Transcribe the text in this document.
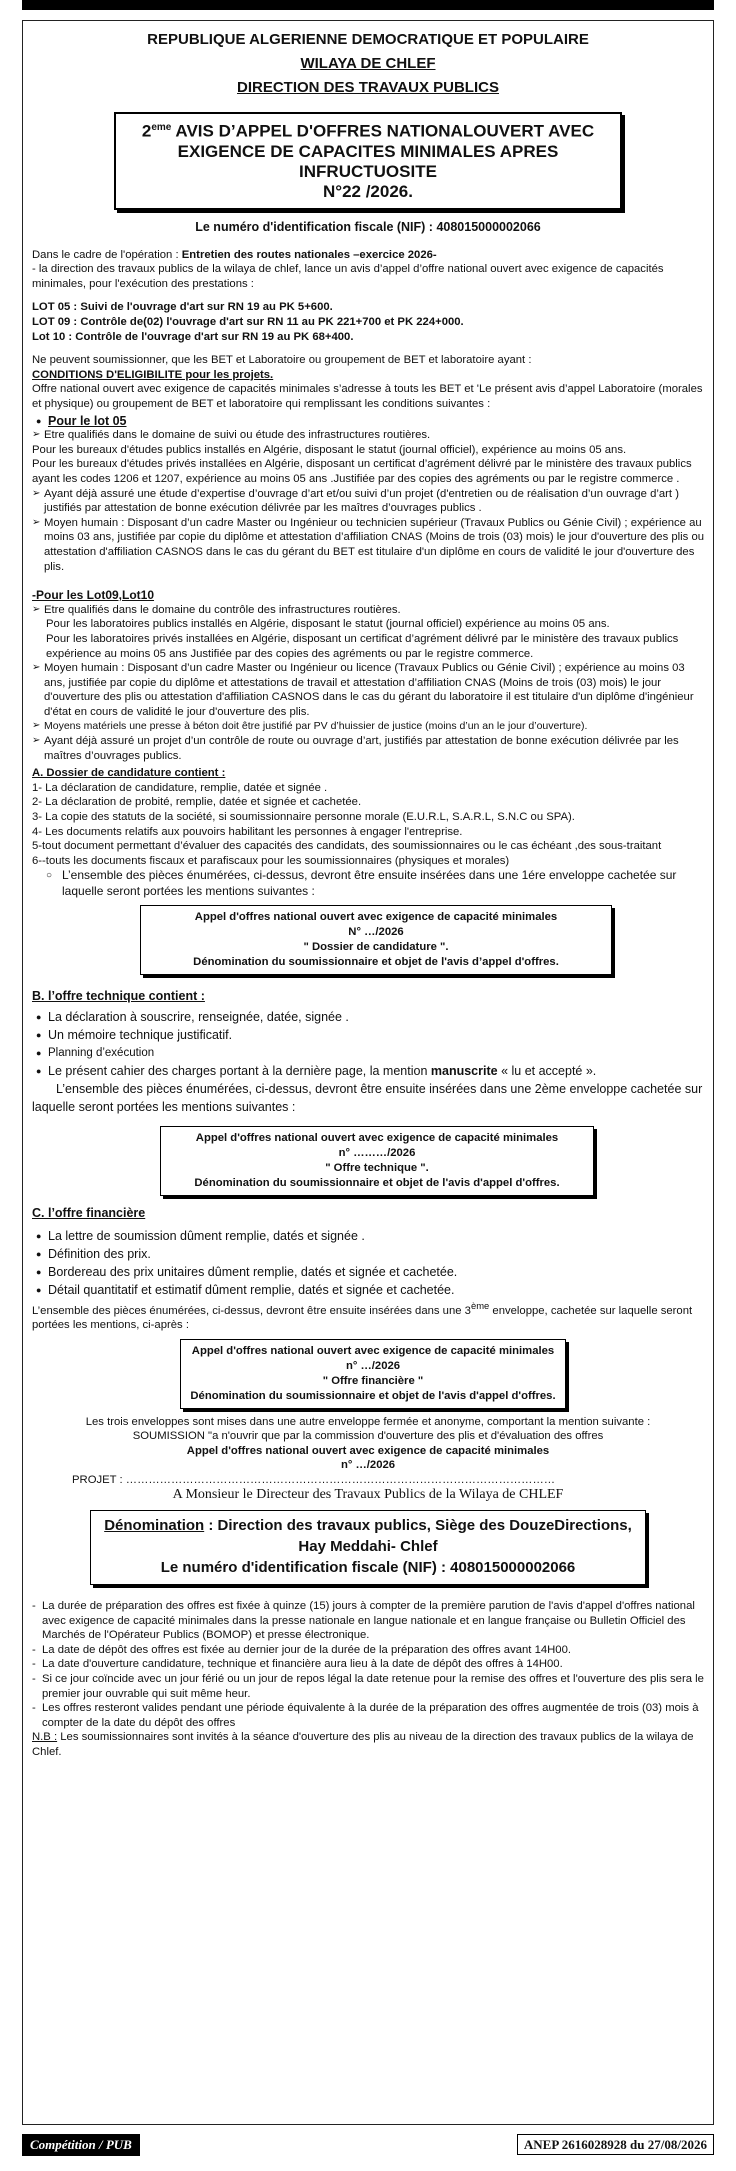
REPUBLIQUE ALGERIENNE DEMOCRATIQUE ET POPULAIRE
WILAYA DE CHLEF
DIRECTION DES TRAVAUX PUBLICS
2eme AVIS D’APPEL D'OFFRES NATIONALOUVERT AVEC
EXIGENCE DE CAPACITES MINIMALES APRES INFRUCTUOSITE
N°22 /2026.
Le numéro d'identification fiscale (NIF) : 408015000002066

Dans le cadre de l'opération : Entretien des routes nationales –exercice 2026-

- la direction des travaux publics de la wilaya de chlef, lance un avis d’appel d’offre national ouvert avec exigence de capacités minimales, pour l'exécution des prestations :

LOT 05 : Suivi de l'ouvrage d'art sur RN 19 au PK 5+600.

LOT 09 : Contrôle de(02) l'ouvrage d'art sur RN 11 au PK 221+700 et PK 224+000.

Lot 10 : Contrôle de l'ouvrage d'art sur RN 19 au PK 68+400.

Ne peuvent soumissionner, que les BET et Laboratoire ou groupement de BET et laboratoire ayant :

CONDITIONS D'ELIGIBILITE pour les projets.

Offre national ouvert avec exigence de capacités minimales s’adresse à touts les BET et 'Le présent avis d’appel Laboratoire (morales et physique) ou groupement de BET et laboratoire qui remplissant les conditions suivantes :

● Pour le lot 05

➢ Etre qualifiés dans le domaine de suivi ou étude des infrastructures routières.

Pour les bureaux d'études publics installés en Algérie, disposant le statut (journal officiel), expérience au moins 05 ans.

Pour les bureaux d'études privés installées en Algérie, disposant un certificat d’agrément délivré par le ministère des travaux publics ayant les codes 1206 et 1207, expérience au moins 05 ans .Justifiée par des copies des agréments ou par le registre commerce .

➢ Ayant déjà assuré une étude d’expertise d’ouvrage d’art et/ou suivi d’un projet (d'entretien ou de réalisation d’un ouvrage d’art ) justifiés par attestation de bonne exécution délivrée par les maîtres d’ouvrages publics .

➢ Moyen humain : Disposant d’un cadre Master ou Ingénieur ou technicien supérieur (Travaux Publics ou Génie Civil) ; expérience au moins 03 ans, justifiée par copie du diplôme et attestation d’affiliation CNAS (Moins de trois (03) mois) le jour d'ouverture des plis ou attestation d'affiliation CASNOS dans le cas du gérant du BET est titulaire d'un diplôme en cours de validité le jour d'ouverture des plis.

-Pour les Lot09,Lot10

➢ Etre qualifiés dans le domaine du contrôle des infrastructures routières.

Pour les laboratoires publics installés en Algérie, disposant le statut (journal officiel) expérience au moins 05 ans.

Pour les laboratoires privés installées en Algérie, disposant un certificat d’agrément délivré par le ministère des travaux publics expérience au moins 05 ans Justifiée par des copies des agréments ou par le registre commerce.

➢ Moyen humain : Disposant d’un cadre Master ou Ingénieur ou licence (Travaux Publics ou Génie Civil) ; expérience au moins 03 ans, justifiée par copie du diplôme et attestations de travail et attestation d’affiliation CNAS (Moins de trois (03) mois) le jour d'ouverture des plis ou attestation d'affiliation CASNOS dans le cas du gérant du laboratoire il est titulaire d'un diplôme d'ingénieur d'état en cours de validité le jour d'ouverture des plis.

➢ Moyens matériels une presse à béton doit être justifié par PV d’huissier de justice (moins d’un an le jour d’ouverture).

➢ Ayant déjà assuré un projet d’un contrôle de route ou ouvrage d’art, justifiés par attestation de bonne exécution délivrée par les maîtres d’ouvrages publics.

A. Dossier de candidature contient :

1- La déclaration de candidature, remplie, datée et signée .

2- La déclaration de probité, remplie, datée et signée et cachetée.

3- La copie des statuts de la société, si soumissionnaire personne morale (E.U.R.L, S.A.R.L, S.N.C ou SPA).

4- Les documents relatifs aux pouvoirs habilitant les personnes à engager l'entreprise.

5-tout document permettant d’évaluer des capacités des candidats, des soumissionnaires ou le cas échéant ,des sous-traitant

6--touts les documents fiscaux et parafiscaux pour les soumissionnaires (physiques et morales)

○ L’ensemble des pièces énumérées, ci-dessus, devront être ensuite insérées dans une 1ére enveloppe cachetée sur laquelle seront portées les mentions suivantes :

Appel d'offres national ouvert avec exigence de capacité minimales
N° …/2026
" Dossier de candidature ".
Dénomination du soumissionnaire et objet de l'avis d’appel d'offres.

B. l’offre technique contient :

● La déclaration à souscrire, renseignée, datée, signée .

● Un mémoire technique justificatif.

● Planning d’exécution

● Le présent cahier des charges portant à la dernière page, la mention manuscrite « lu et accepté ».

L’ensemble des pièces énumérées, ci-dessus, devront être ensuite insérées dans une 2ème enveloppe cachetée sur laquelle seront portées les mentions suivantes :

Appel d'offres national ouvert avec exigence de capacité minimales
n° ………/2026
" Offre technique ".
Dénomination du soumissionnaire et objet de l'avis d'appel d'offres.

C. l’offre financière

● La lettre de soumission dûment remplie, datés et signée .

● Définition des prix.

● Bordereau des prix unitaires dûment remplie, datés et signée et cachetée.

● Détail quantitatif et estimatif dûment remplie, datés et signée et cachetée.

L’ensemble des pièces énumérées, ci-dessus, devront être ensuite insérées dans une 3ème enveloppe, cachetée sur laquelle seront portées les mentions, ci-après :

Appel d'offres national ouvert avec exigence de capacité minimales
n° …/2026
" Offre financière "
Dénomination du soumissionnaire et objet de l'avis d'appel d'offres.

Les trois enveloppes sont mises dans une autre enveloppe fermée et anonyme, comportant la mention suivante :

SOUMISSION "a n'ouvrir que par la commission d'ouverture des plis et d'évaluation des offres

Appel d'offres national ouvert avec exigence de capacité minimales

n° …/2026

PROJET : ……………………………………………………………………………………………………

A Monsieur le Directeur des Travaux Publics de la Wilaya de CHLEF

Dénomination : Direction des travaux publics, Siège des DouzeDirections,
Hay Meddahi- Chlef
Le numéro d'identification fiscale (NIF) : 408015000002066

- La durée de préparation des offres est fixée à quinze (15) jours à compter de la première parution de l'avis d'appel d'offres national avec exigence de capacité minimales dans la presse nationale en langue nationale et en langue française ou Bulletin Officiel des Marchés de l'Opérateur Publics (BOMOP) et presse électronique.

- La date de dépôt des offres est fixée au dernier jour de la durée de la préparation des offres avant 14H00.

- La date d'ouverture candidature, technique et financière aura lieu à la date de dépôt des offres à 14H00.

- Si ce jour coïncide avec un jour férié ou un jour de repos légal la date retenue pour la remise des offres et l'ouverture des plis sera le premier jour ouvrable qui suit même heur.

- Les offres resteront valides pendant une période équivalente à la durée de la préparation des offres augmentée de trois (03) mois à compter de la date du dépôt des offres

N.B : Les soumissionnaires sont invités à la séance d'ouverture des plis au niveau de la direction des travaux publics de la wilaya de Chlef.

Compétition / PUB	ANEP 2616028928 du 27/08/2026
